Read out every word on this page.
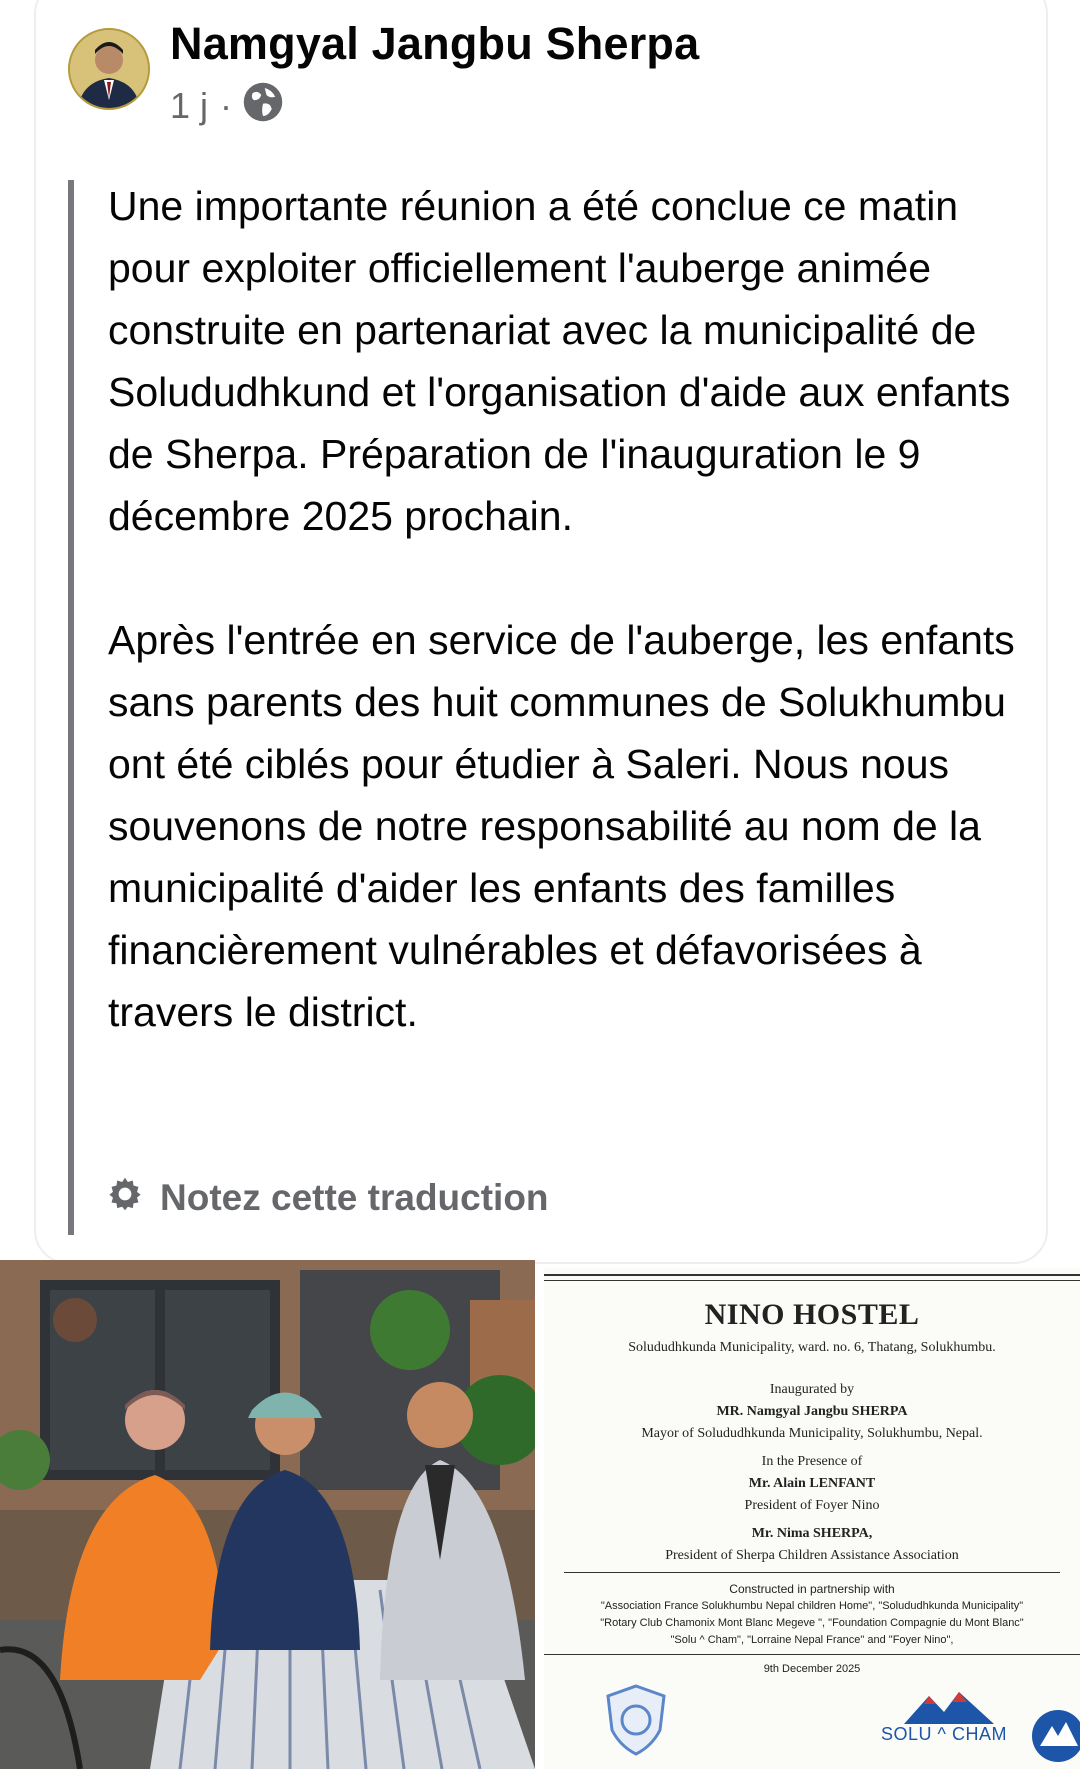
Namgyal Jangbu Sherpa
1 j ·

Une importante réunion a été conclue ce matin pour exploiter officiellement l'auberge animée construite en partenariat avec la municipalité de Solududhkund et l'organisation d'aide aux enfants de Sherpa. Préparation de l'inauguration le 9 décembre 2025 prochain.

Après l'entrée en service de l'auberge, les enfants sans parents des huit communes de Solukhumbu ont été ciblés pour étudier à Saleri. Nous nous souvenons de notre responsabilité au nom de la municipalité d'aider les enfants des familles financièrement vulnérables et défavorisées à travers le district.

Notez cette traduction
NINO HOSTEL
Solududhkunda Municipality, ward. no. 6, Thatang, Solukhumbu.
Inaugurated by
MR. Namgyal Jangbu SHERPA
Mayor of Solududhkunda Municipality, Solukhumbu, Nepal.
In the Presence of
Mr. Alain LENFANT
President of Foyer Nino
Mr. Nima SHERPA,
President of Sherpa Children Assistance Association
Constructed in partnership with
"Association France Solukhumbu Nepal children Home", "Solududhkunda Municipality"
"Rotary Club Chamonix Mont Blanc Megeve ", "Foundation Compagnie du Mont Blanc"
"Solu ^ Cham", "Lorraine Nepal France" and "Foyer Nino",
9th December 2025
SOLU ^ CHAM
